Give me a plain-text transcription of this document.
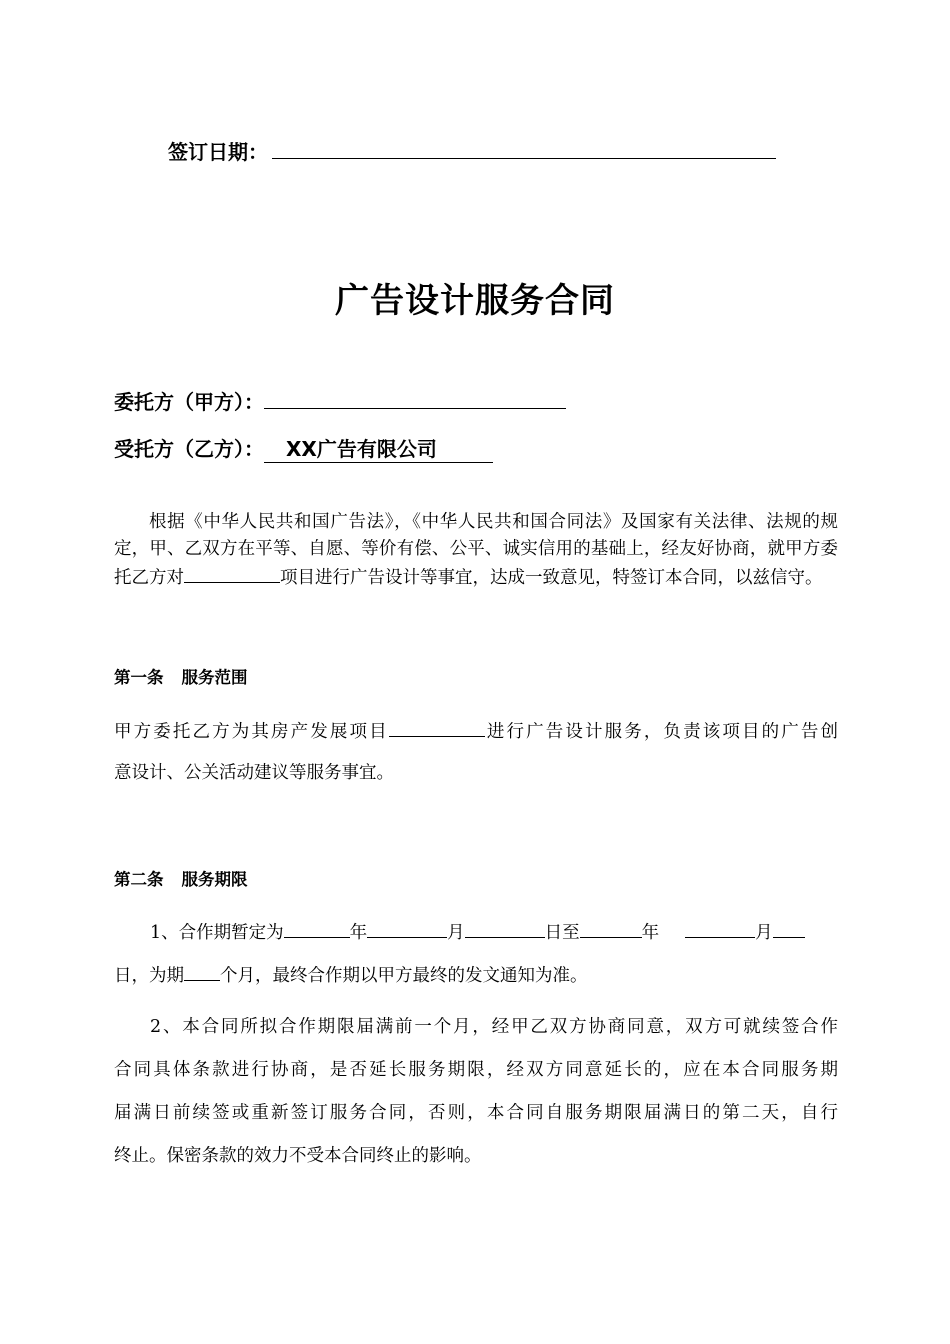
签订日期：
广告设计服务合同
委托方（甲方）：
受托方（乙方）： XX广告有限公司
根据《中华人民共和国广告法》，《中华人民共和国合同法》及国家有关法律、法规的规定，甲、乙双方在平等、自愿、等价有偿、公平、诚实信用的基础上，经友好协商，就甲方委托乙方对	项目进行广告设计等事宜，达成一致意见，特签订本合同，以兹信守。
第一条 服务范围
甲方委托乙方为其房产发展项目	进行广告设计服务，负责该项目的广告创
意设计、公关活动建议等服务事宜。
第二条 服务期限
1、合作期暂定为	年	月	日至	年	月
日，为期 个月，最终合作期以甲方最终的发文通知为准。
2、本合同所拟合作期限届满前一个月，经甲乙双方协商同意，双方可就续签合作
合同具体条款进行协商，是否延长服务期限，经双方同意延长的，应在本合同服务期
届满日前续签或重新签订服务合同，否则，本合同自服务期限届满日的第二天，自行
终止。保密条款的效力不受本合同终止的影响。
